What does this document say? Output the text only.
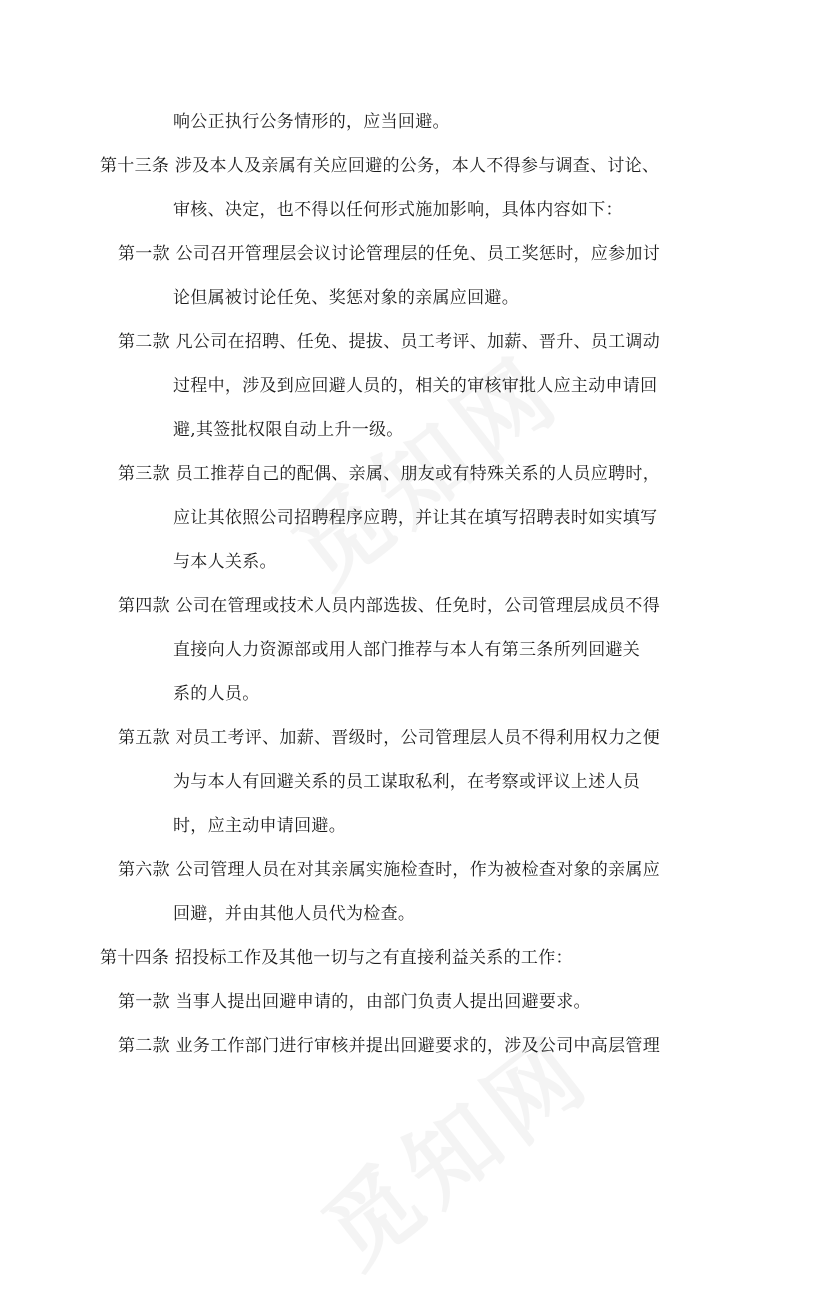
响公正执行公务情形的，应当回避。
第十三条 涉及本人及亲属有关应回避的公务，本人不得参与调查、讨论、
审核、决定，也不得以任何形式施加影响，具体内容如下：
第一款 公司召开管理层会议讨论管理层的任免、员工奖惩时，应参加讨
论但属被讨论任免、奖惩对象的亲属应回避。
第二款 凡公司在招聘、任免、提拔、员工考评、加薪、晋升、员工调动
过程中，涉及到应回避人员的，相关的审核审批人应主动申请回
避,其签批权限自动上升一级。
第三款 员工推荐自己的配偶、亲属、朋友或有特殊关系的人员应聘时，
应让其依照公司招聘程序应聘，并让其在填写招聘表时如实填写
与本人关系。
第四款 公司在管理或技术人员内部选拔、任免时，公司管理层成员不得
直接向人力资源部或用人部门推荐与本人有第三条所列回避关
系的人员。
第五款 对员工考评、加薪、晋级时，公司管理层人员不得利用权力之便
为与本人有回避关系的员工谋取私利，在考察或评议上述人员
时，应主动申请回避。
第六款 公司管理人员在对其亲属实施检查时，作为被检查对象的亲属应
回避，并由其他人员代为检查。
第十四条 招投标工作及其他一切与之有直接利益关系的工作：
第一款 当事人提出回避申请的，由部门负责人提出回避要求。
第二款 业务工作部门进行审核并提出回避要求的，涉及公司中高层管理
